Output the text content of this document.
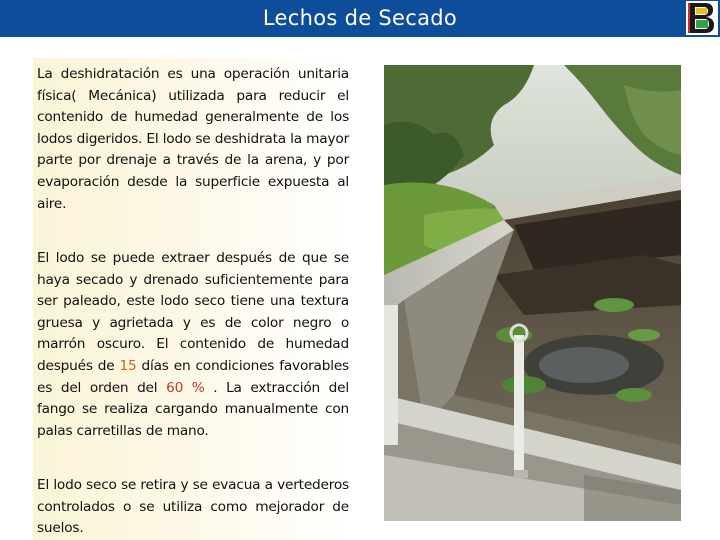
Lechos de Secado

La deshidratación es una operación unitaria física( Mecánica) utilizada para reducir el contenido de humedad generalmente de los lodos digeridos. El lodo se deshidrata la mayor parte por drenaje a través de la arena, y por evaporación desde la superficie expuesta al aire.

El lodo se puede extraer después de que se haya secado y drenado suficientemente para ser paleado, este lodo seco tiene una textura gruesa y agrietada y es de color negro o marrón oscuro. El contenido de humedad después de 15 días en condiciones favorables es del orden del 60 % . La extracción del fango se realiza cargando manualmente con palas carretillas de mano.

El lodo seco se retira y se evacua a vertederos controlados o se utiliza como mejorador de suelos.
